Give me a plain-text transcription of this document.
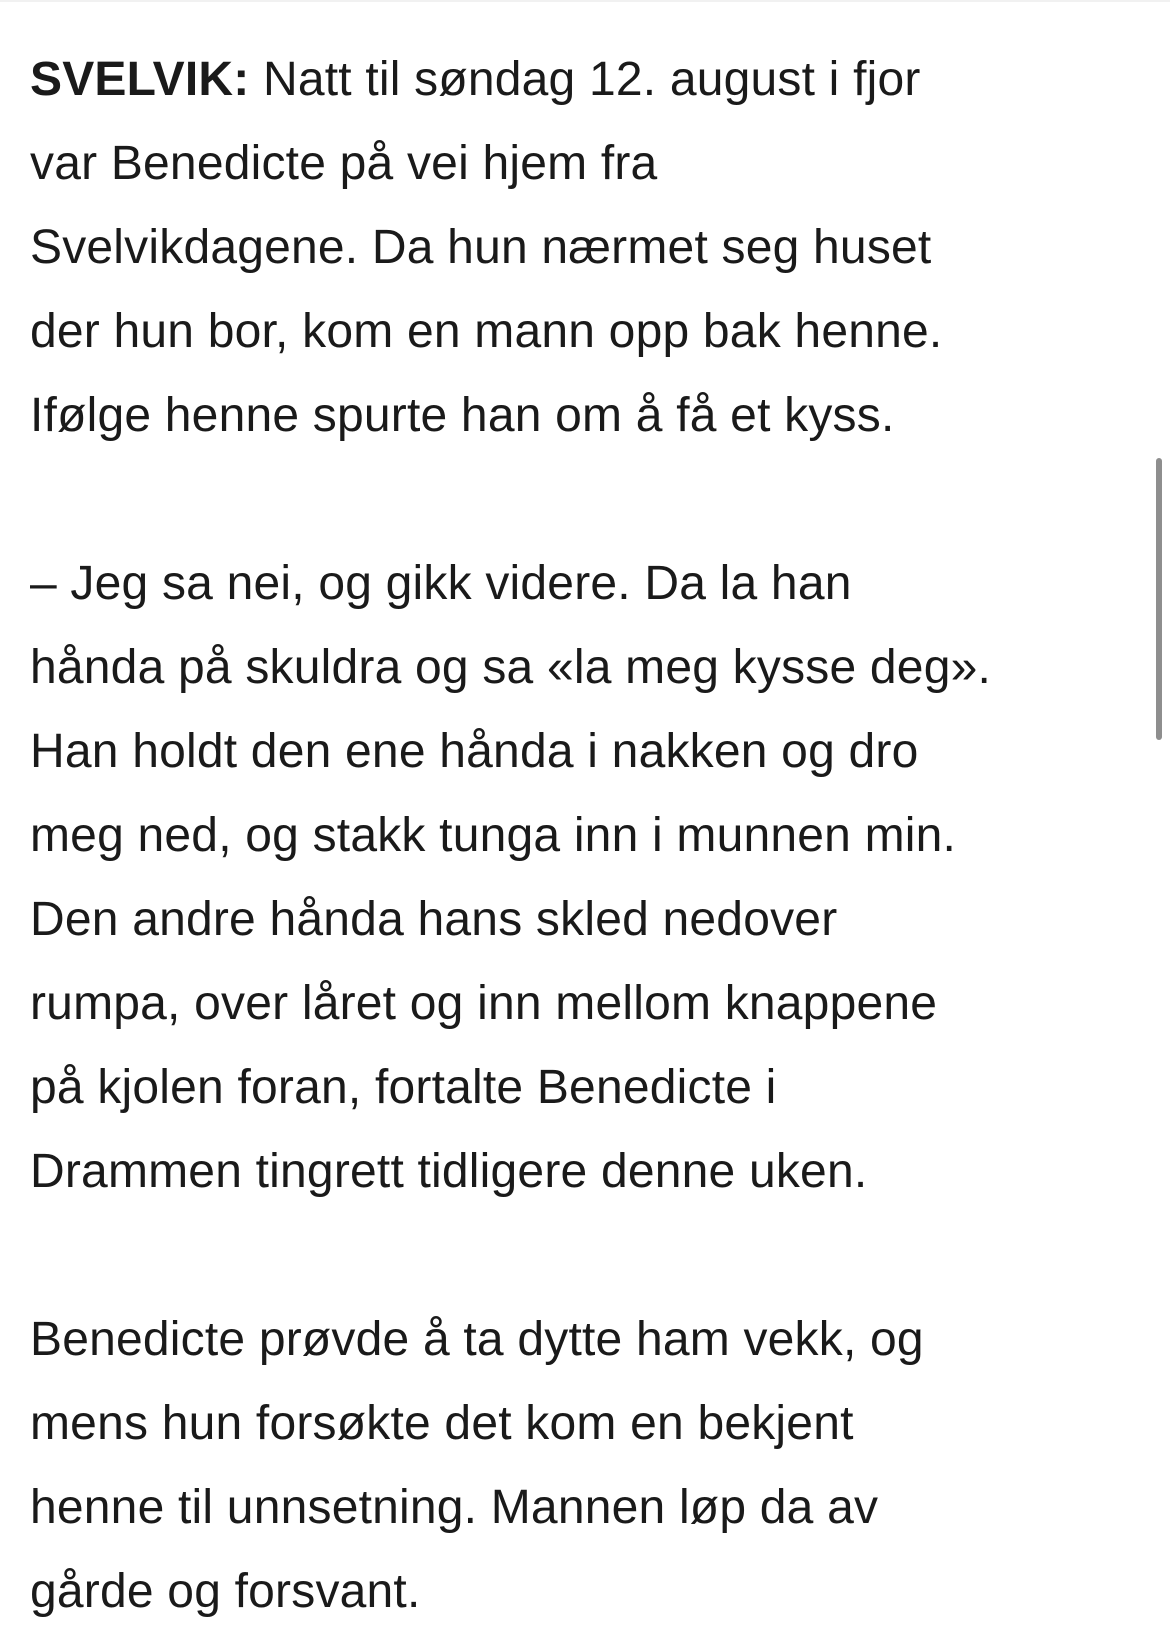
SVELVIK: Natt til søndag 12. august i fjor
var Benedicte på vei hjem fra
Svelvikdagene. Da hun nærmet seg huset
der hun bor, kom en mann opp bak henne.
Ifølge henne spurte han om å få et kyss.

– Jeg sa nei, og gikk videre. Da la han
hånda på skuldra og sa «la meg kysse deg».
Han holdt den ene hånda i nakken og dro
meg ned, og stakk tunga inn i munnen min.
Den andre hånda hans skled nedover
rumpa, over låret og inn mellom knappene
på kjolen foran, fortalte Benedicte i
Drammen tingrett tidligere denne uken.

Benedicte prøvde å ta dytte ham vekk, og
mens hun forsøkte det kom en bekjent
henne til unnsetning. Mannen løp da av
gårde og forsvant.
